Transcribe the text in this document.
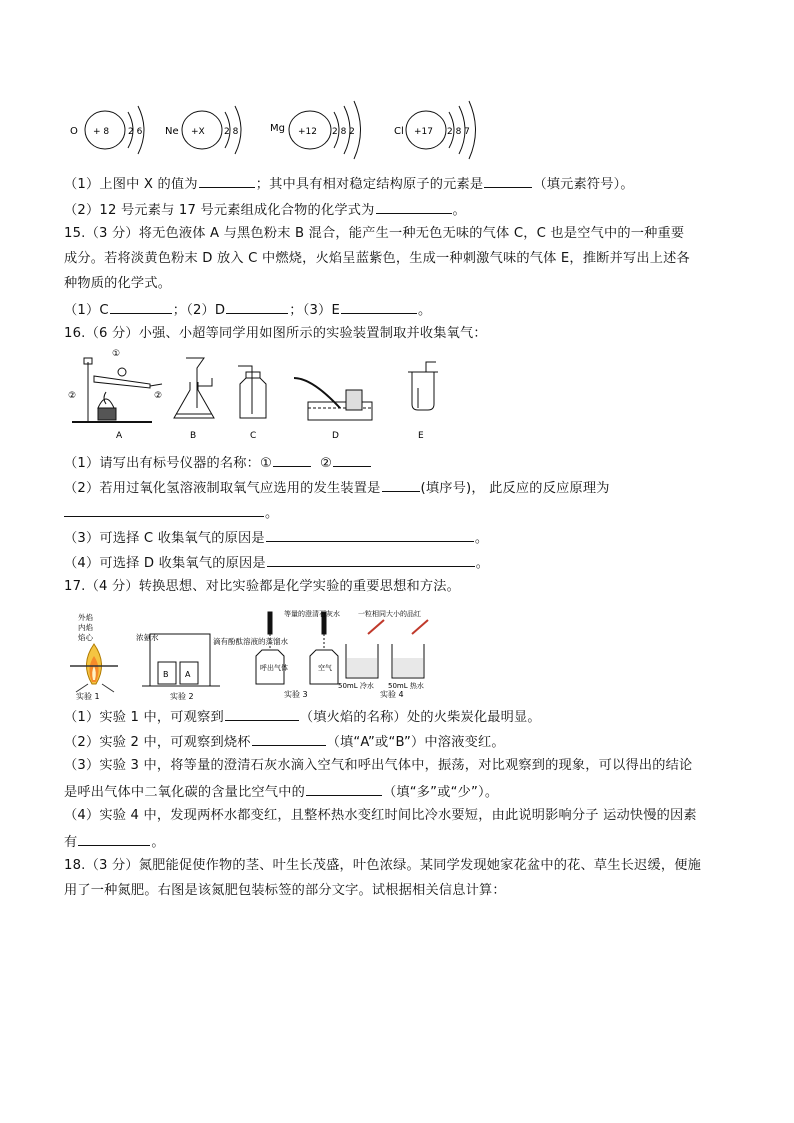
O + 8 2 6 Ne +X 2 8	Mg +12 2 8 2	Cl +17 2 8 7
（1）上图中 X 的值为	；其中具有相对稳定结构原子的元素是	（填元素符号）。
（2）12 号元素与 17 号元素组成化合物的化学式为	。
15.（3 分）将无色液体 A 与黑色粉末 B 混合，能产生一种无色无味的气体 C，C 也是空气中的一种重要
成分。若将淡黄色粉末 D 放入 C 中燃烧，火焰呈蓝紫色，生成一种刺激气味的气体 E，推断并写出上述各
种物质的化学式。
（1）C	；（2）D	；（3）E	。
16.（6 分）小强、小超等同学用如图所示的实验装置制取并收集氧气：
①
②
A
②
B	C	D	E
（1）请写出有标号仪器的名称：①	②
（2）若用过氧化氢溶液制取氧气应选用的发生装置是	(填序号)， 此反应的反应原理为
。
（3）可选择 C 收集氧气的原因是	。
（4）可选择 D 收集氧气的原因是	。
17.（4 分）转换思想、对比实验都是化学实验的重要思想和方法。
外焰
内焰
焰心
实验 1
浓氨水	滴有酚酞溶液的蒸馏水
B A
实验 2
等量的澄清石灰水
呼出气体	空气
实验 3
一粒相同大小的品红
50mL 冷水 50mL 热水
实验 4
（1）实验 1 中，可观察到	（填火焰的名称）处的火柴炭化最明显。
（2）实验 2 中，可观察到烧杯	（填“A”或“B”）中溶液变红。
（3）实验 3 中，将等量的澄清石灰水滴入空气和呼出气体中，振荡，对比观察到的现象，可以得出的结论
是呼出气体中二氧化碳的含量比空气中的	（填“多”或“少”）。
（4）实验 4 中，发现两杯水都变红，且整杯热水变红时间比冷水要短，由此说明影响分子 运动快慢的因素
有	。
18.（3 分）氮肥能促使作物的茎、叶生长茂盛，叶色浓绿。某同学发现她家花盆中的花、草生长迟缓，便施
用了一种氮肥。右图是该氮肥包装标签的部分文字。试根据相关信息计算：
